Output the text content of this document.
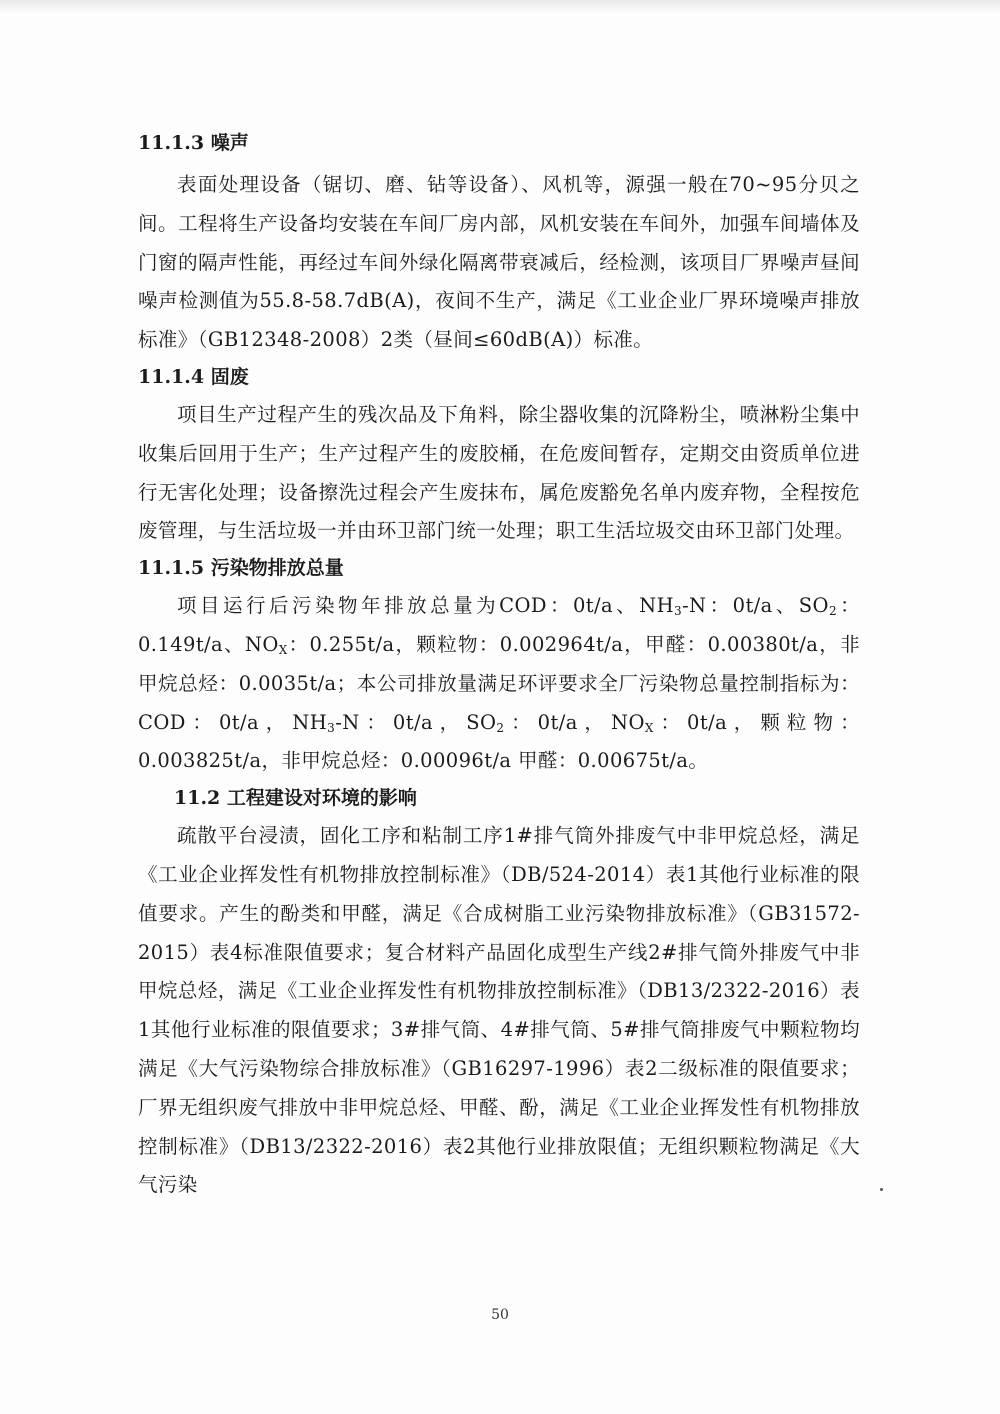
11.1.3 噪声

表面处理设备（锯切、磨、钻等设备）、风机等，源强一般在70~95分贝之间。工程将生产设备均安装在车间厂房内部，风机安装在车间外，加强车间墙体及门窗的隔声性能，再经过车间外绿化隔离带衰减后，经检测，该项目厂界噪声昼间噪声检测值为55.8-58.7dB(A)，夜间不生产，满足《工业企业厂界环境噪声排放标准》（GB12348-2008）2类（昼间≤60dB(A)）标准。

11.1.4 固废

项目生产过程产生的残次品及下角料，除尘器收集的沉降粉尘，喷淋粉尘集中收集后回用于生产；生产过程产生的废胶桶，在危废间暂存，定期交由资质单位进行无害化处理；设备擦洗过程会产生废抹布，属危废豁免名单内废弃物，全程按危废管理，与生活垃圾一并由环卫部门统一处理；职工生活垃圾交由环卫部门处理。

11.1.5 污染物排放总量

项目运行后污染物年排放总量为COD：0t/a、$NH_3-N$：0t/a、$SO_2$：0.149t/a、$NO_X$：0.255t/a，颗粒物：0.002964t/a，甲醛：0.00380t/a，非甲烷总烃：0.0035t/a；本公司排放量满足环评要求全厂污染物总量控制指标为：COD：0t/a，$NH_3-N$：0t/a，$SO_2$：0t/a，$NO_X$：0t/a，颗粒物：0.003825t/a，非甲烷总烃：0.00096t/a 甲醛：0.00675t/a。

11.2 工程建设对环境的影响

疏散平台浸渍，固化工序和粘制工序1#排气筒外排废气中非甲烷总烃，满足《工业企业挥发性有机物排放控制标准》（DB/524-2014）表1其他行业标准的限值要求。产生的酚类和甲醛，满足《合成树脂工业污染物排放标准》（GB31572-2015）表4标准限值要求；复合材料产品固化成型生产线2#排气筒外排废气中非甲烷总烃，满足《工业企业挥发性有机物排放控制标准》（DB13/2322-2016）表1其他行业标准的限值要求；3#排气筒、4#排气筒、5#排气筒排废气中颗粒物均满足《大气污染物综合排放标准》（GB16297-1996）表2二级标准的限值要求；厂界无组织废气排放中非甲烷总烃、甲醛、酚，满足《工业企业挥发性有机物排放控制标准》（DB13/2322-2016）表2其他行业排放限值；无组织颗粒物满足《大气污染

50
